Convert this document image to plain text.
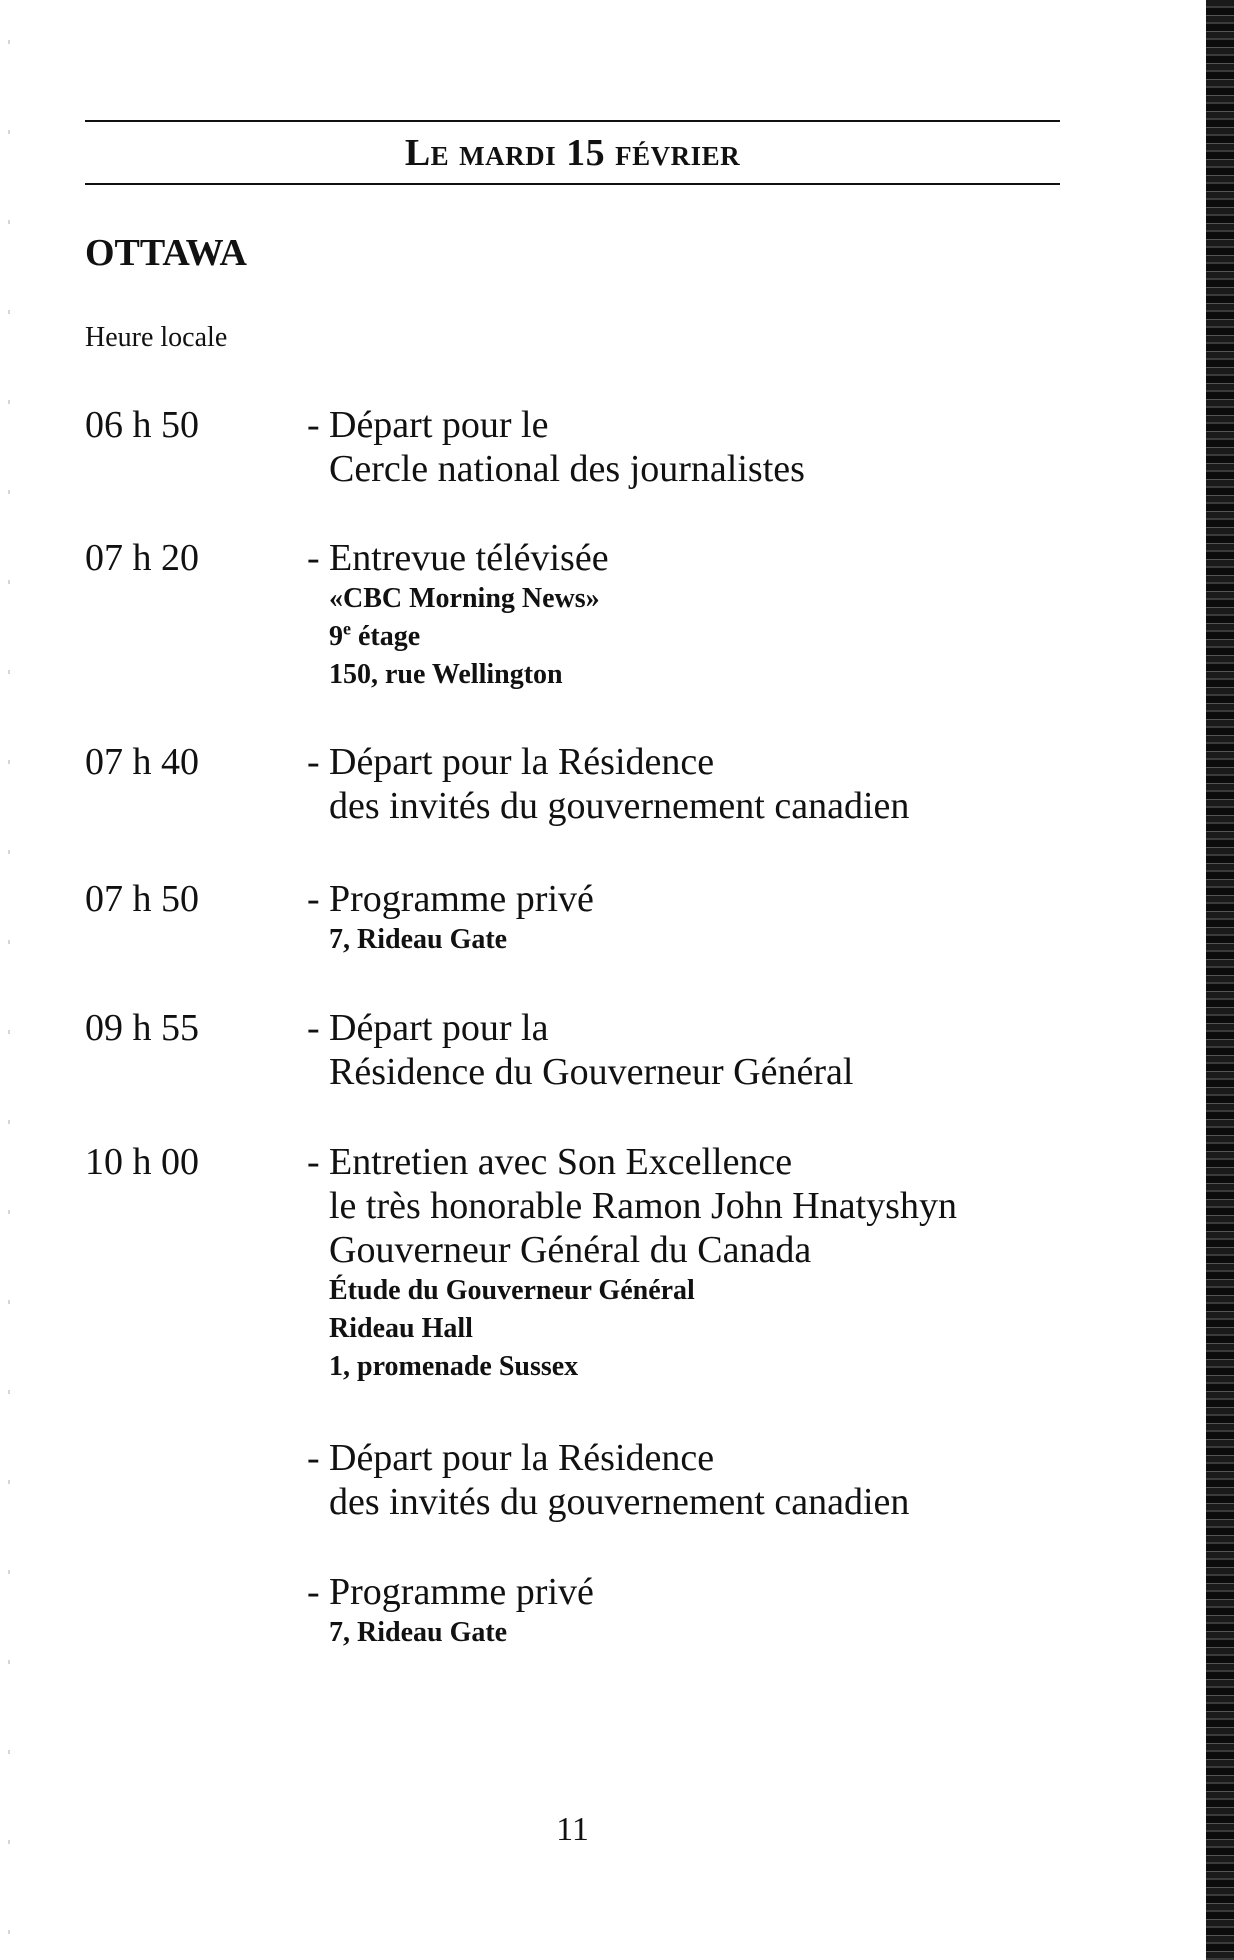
Le mardi 15 février
OTTAWA
Heure locale
06 h 50	- Départ pour le
Cercle national des journalistes
07 h 20	- Entrevue télévisée
«CBC Morning News»
9e étage
150, rue Wellington
07 h 40	- Départ pour la Résidence
des invités du gouvernement canadien
07 h 50	- Programme privé
7, Rideau Gate
09 h 55	- Départ pour la
Résidence du Gouverneur Général
10 h 00	- Entretien avec Son Excellence
le très honorable Ramon John Hnatyshyn
Gouverneur Général du Canada
Étude du Gouverneur Général
Rideau Hall
1, promenade Sussex
- Départ pour la Résidence
des invités du gouvernement canadien
- Programme privé
7, Rideau Gate
11
